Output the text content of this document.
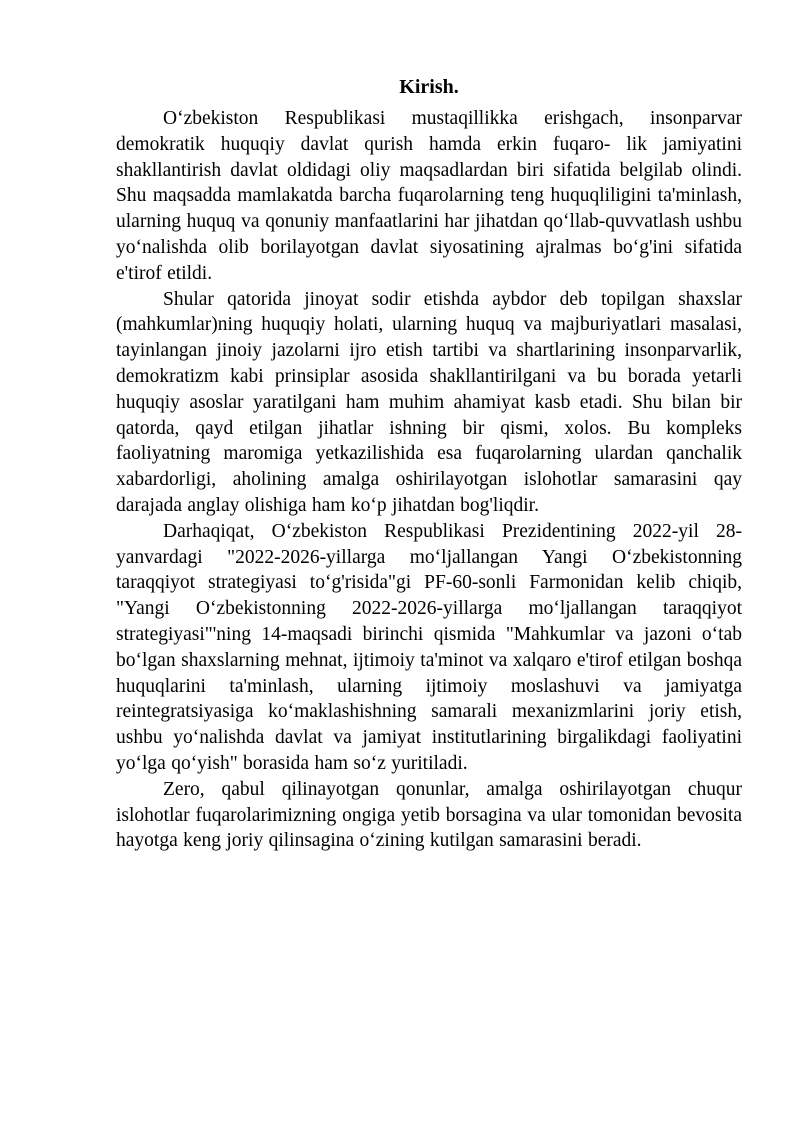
Kirish.

O‘zbekiston Respublikasi mustaqillikka erishgach, insonparvar demokratik huquqiy davlat qurish hamda erkin fuqaro- lik jamiyatini shakllantirish davlat oldidagi oliy maqsadlardan biri sifatida belgilab olindi. Shu maqsadda mamlakatda barcha fuqarolarning teng huquqliligini ta'minlash, ularning huquq va qonuniy manfaatlarini har jihatdan qo‘llab-quvvatlash ushbu yo‘nalishda olib borilayotgan davlat siyosatining ajralmas bo‘g'ini sifatida e'tirof etildi.

Shular qatorida jinoyat sodir etishda aybdor deb topilgan shaxslar (mahkumlar)ning huquqiy holati, ularning huquq va majburiyatlari masalasi, tayinlangan jinoiy jazolarni ijro etish tartibi va shartlarining insonparvarlik, demokratizm kabi prinsiplar asosida shakllantirilgani va bu borada yetarli huquqiy asoslar yaratilgani ham muhim ahamiyat kasb etadi. Shu bilan bir qatorda, qayd etilgan jihatlar ishning bir qismi, xolos. Bu kompleks faoliyatning maromiga yetkazilishida esa fuqarolarning ulardan qanchalik xabardorligi, aholining amalga oshirilayotgan islohotlar samarasini qay darajada anglay olishiga ham ko‘p jihatdan bog'liqdir.

Darhaqiqat, O‘zbekiston Respublikasi Prezidentining 2022-yil 28-yanvardagi "2022-2026-yillarga mo‘ljallangan Yangi O‘zbekistonning taraqqiyot strategiyasi to‘g'risida"gi PF-60-sonli Farmonidan kelib chiqib, "Yangi O‘zbekistonning 2022-2026-yillarga mo‘ljallangan taraqqiyot strategiyasi"'ning 14-maqsadi birinchi qismida "Mahkumlar va jazoni o‘tab bo‘lgan shaxslarning mehnat, ijtimoiy ta'minot va xalqaro e'tirof etilgan boshqa huquqlarini ta'minlash, ularning ijtimoiy moslashuvi va jamiyatga reintegratsiyasiga ko‘maklashishning samarali mexanizmlarini joriy etish, ushbu yo‘nalishda davlat va jamiyat institutlarining birgalikdagi faoliyatini yo‘lga qo‘yish" borasida ham so‘z yuritiladi.

Zero, qabul qilinayotgan qonunlar, amalga oshirilayotgan chuqur islohotlar fuqarolarimizning ongiga yetib borsagina va ular tomonidan bevosita hayotga keng joriy qilinsagina o‘zining kutilgan samarasini beradi.
